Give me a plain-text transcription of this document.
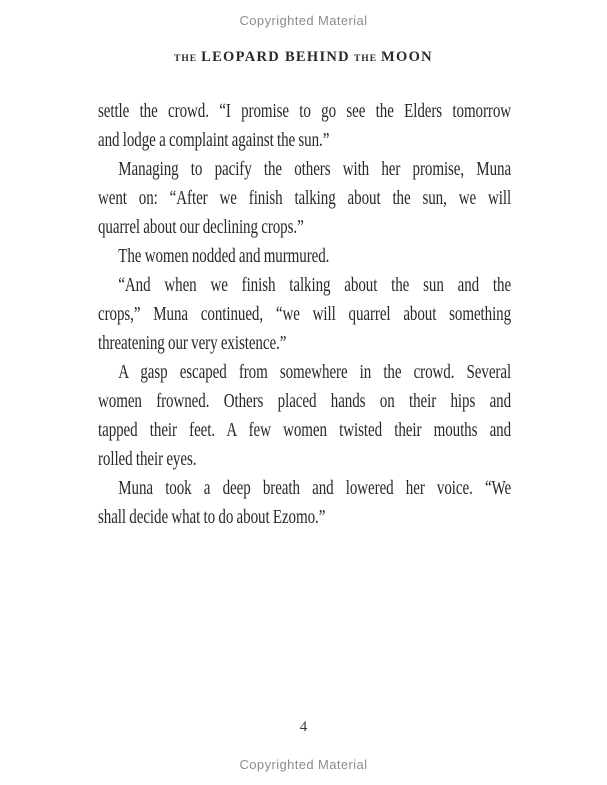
Copyrighted Material
THE LEOPARD BEHIND THE MOON
settle the crowd. “I promise to go see the Elders tomorrow
and lodge a complaint against the sun.”
Managing to pacify the others with her promise, Muna
went on: “After we finish talking about the sun, we will
quarrel about our declining crops.”
The women nodded and murmured.
“And when we finish talking about the sun and the
crops,” Muna continued, “we will quarrel about something
threatening our very existence.”
A gasp escaped from somewhere in the crowd. Several
women frowned. Others placed hands on their hips and
tapped their feet. A few women twisted their mouths and
rolled their eyes.
Muna took a deep breath and lowered her voice. “We
shall decide what to do about Ezomo.”
4
Copyrighted Material
